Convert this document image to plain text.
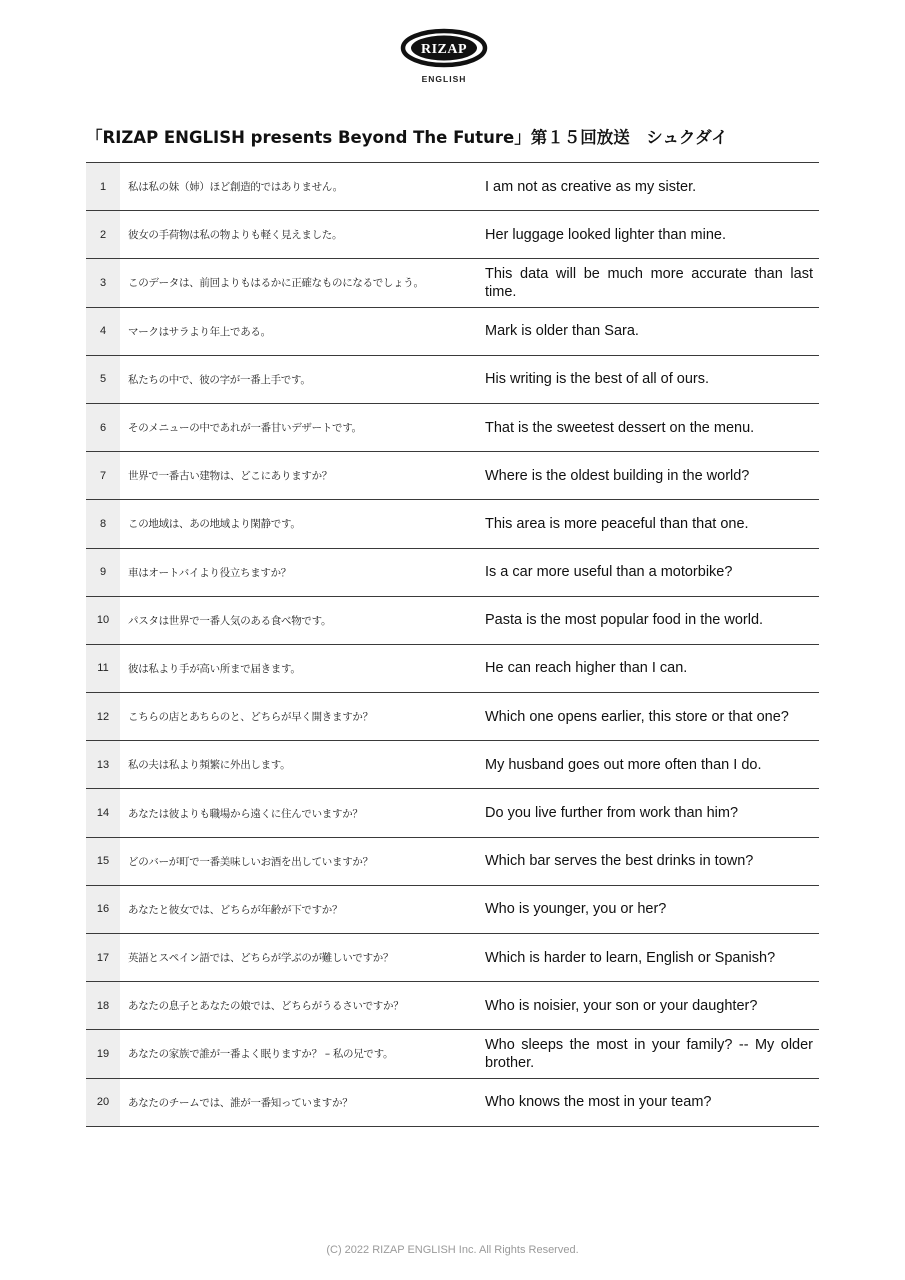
RIZAP
ENGLISH
「RIZAP ENGLISH presents Beyond The Future」第１５回放送　シュクダイ
1	私は私の妹（姉）ほど創造的ではありません。	I am not as creative as my sister.
2	彼女の手荷物は私の物よりも軽く見えました。	Her luggage looked lighter than mine.
3	このデータは、前回よりもはるかに正確なものになるでしょう。	This data will be much more accurate than last time.
4	マークはサラより年上である。	Mark is older than Sara.
5	私たちの中で、彼の字が一番上手です。	His writing is the best of all of ours.
6	そのメニューの中であれが一番甘いデザートです。	That is the sweetest dessert on the menu.
7	世界で一番古い建物は、どこにありますか？	Where is the oldest building in the world?
8	この地域は、あの地域より閑静です。	This area is more peaceful than that one.
9	車はオートバイより役立ちますか？	Is a car more useful than a motorbike?
10	パスタは世界で一番人気のある食べ物です。	Pasta is the most popular food in the world.
11	彼は私より手が高い所まで届きます。	He can reach higher than I can.
12	こちらの店とあちらのと、どちらが早く開きますか？	Which one opens earlier, this store or that one?
13	私の夫は私より頻繁に外出します。	My husband goes out more often than I do.
14	あなたは彼よりも職場から遠くに住んでいますか？	Do you live further from work than him?
15	どのバーが町で一番美味しいお酒を出していますか？	Which bar serves the best drinks in town?
16	あなたと彼女では、どちらが年齢が下ですか？	Who is younger, you or her?
17	英語とスペイン語では、どちらが学ぶのが難しいですか？	Which is harder to learn, English or Spanish?
18	あなたの息子とあなたの娘では、どちらがうるさいですか？	Who is noisier, your son or your daughter?
19	あなたの家族で誰が一番よく眠りますか？ – 私の兄です。	Who sleeps the most in your family? -- My older brother.
20	あなたのチームでは、誰が一番知っていますか？	Who knows the most in your team?
(C) 2022 RIZAP ENGLISH Inc. All Rights Reserved.
